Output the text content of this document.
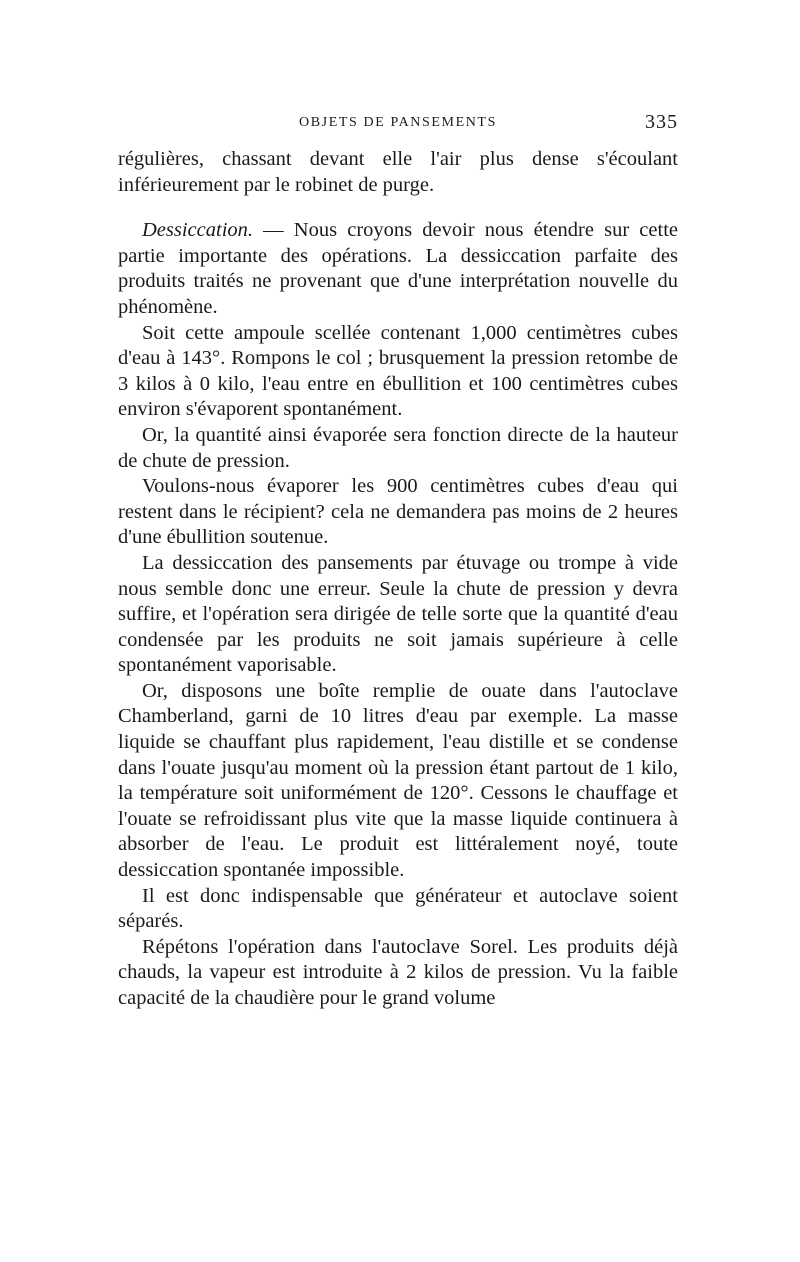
OBJETS DE PANSEMENTS	335

régulières, chassant devant elle l'air plus dense s'écoulant inférieurement par le robinet de purge.

Dessiccation. — Nous croyons devoir nous étendre sur cette partie importante des opérations. La dessiccation parfaite des produits traités ne provenant que d'une interprétation nouvelle du phénomène.

Soit cette ampoule scellée contenant 1,000 centimètres cubes d'eau à 143°. Rompons le col ; brusquement la pression retombe de 3 kilos à 0 kilo, l'eau entre en ébullition et 100 centimètres cubes environ s'évaporent spontanément.

Or, la quantité ainsi évaporée sera fonction directe de la hauteur de chute de pression.

Voulons-nous évaporer les 900 centimètres cubes d'eau qui restent dans le récipient? cela ne demandera pas moins de 2 heures d'une ébullition soutenue.

La dessiccation des pansements par étuvage ou trompe à vide nous semble donc une erreur. Seule la chute de pression y devra suffire, et l'opération sera dirigée de telle sorte que la quantité d'eau condensée par les produits ne soit jamais supérieure à celle spontanément vaporisable.

Or, disposons une boîte remplie de ouate dans l'autoclave Chamberland, garni de 10 litres d'eau par exemple. La masse liquide se chauffant plus rapidement, l'eau distille et se condense dans l'ouate jusqu'au moment où la pression étant partout de 1 kilo, la température soit uniformément de 120°. Cessons le chauffage et l'ouate se refroidissant plus vite que la masse liquide continuera à absorber de l'eau. Le produit est littéralement noyé, toute dessiccation spontanée impossible.

Il est donc indispensable que générateur et autoclave soient séparés.

Répétons l'opération dans l'autoclave Sorel. Les produits déjà chauds, la vapeur est introduite à 2 kilos de pression. Vu la faible capacité de la chaudière pour le grand volume
